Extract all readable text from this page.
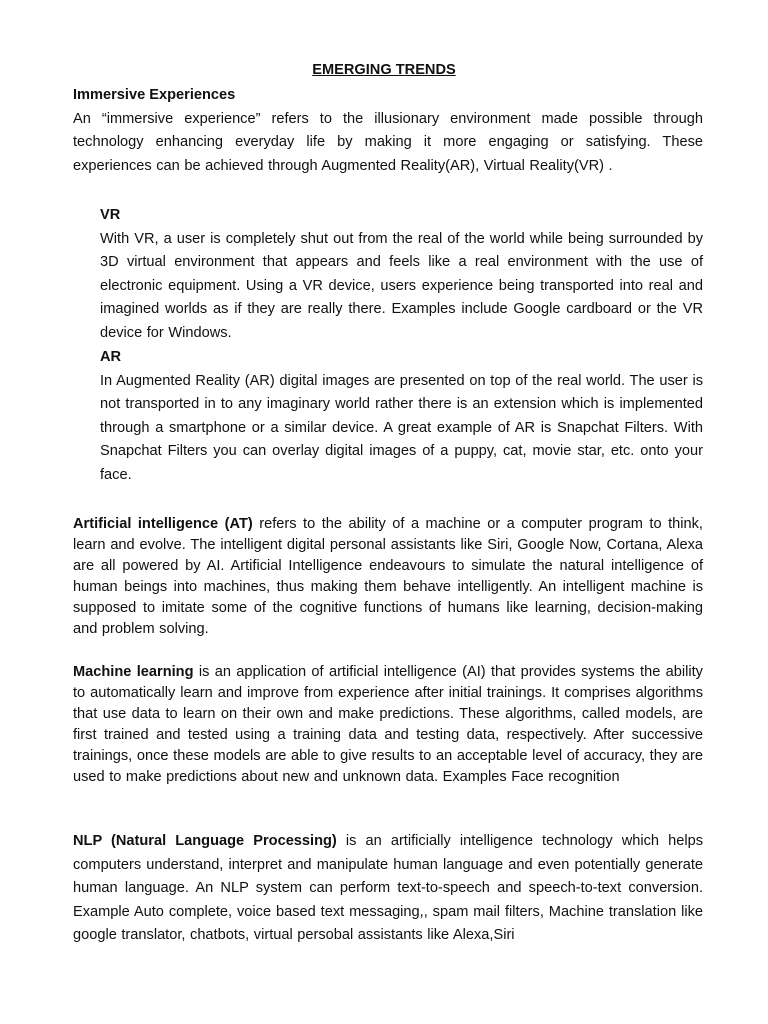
EMERGING TRENDS

Immersive Experiences

An “immersive experience” refers to the illusionary environment made possible through technology enhancing everyday life by making it more engaging or satisfying. These experiences can be achieved through Augmented Reality(AR), Virtual Reality(VR) .

VR

With VR, a user is completely shut out from the real of the world while being surrounded by 3D virtual environment that appears and feels like a real environment with the use of electronic equipment. Using a VR device, users experience being transported into real and imagined worlds as if they are really there. Examples include Google cardboard or the VR device for Windows.

AR

In Augmented Reality (AR) digital images are presented on top of the real world. The user is not transported in to any imaginary world rather there is an extension which is implemented through a smartphone or a similar device. A great example of AR is Snapchat Filters. With Snapchat Filters you can overlay digital images of a puppy, cat, movie star, etc. onto your face.

Artificial intelligence (AT) refers to the ability of a machine or a computer program to think, learn and evolve. The intelligent digital personal assistants like Siri, Google Now, Cortana, Alexa are all powered by AI. Artificial Intelligence endeavours to simulate the natural intelligence of human beings into machines, thus making them behave intelligently. An intelligent machine is supposed to imitate some of the cognitive functions of humans like learning, decision-making and problem solving.

Machine learning is an application of artificial intelligence (AI) that provides systems the ability to automatically learn and improve from experience after initial trainings. It comprises algorithms that use data to learn on their own and make predictions. These algorithms, called models, are first trained and tested using a training data and testing data, respectively. After successive trainings, once these models are able to give results to an acceptable level of accuracy, they are used to make predictions about new and unknown data. Examples Face recognition

NLP (Natural Language Processing) is an artificially intelligence technology which helps computers understand, interpret and manipulate human language and even potentially generate human language. An NLP system can perform text-to-speech and speech-to-text conversion. Example Auto complete, voice based text messaging,, spam mail filters, Machine translation like google translator, chatbots, virtual persobal assistants like Alexa,Siri
